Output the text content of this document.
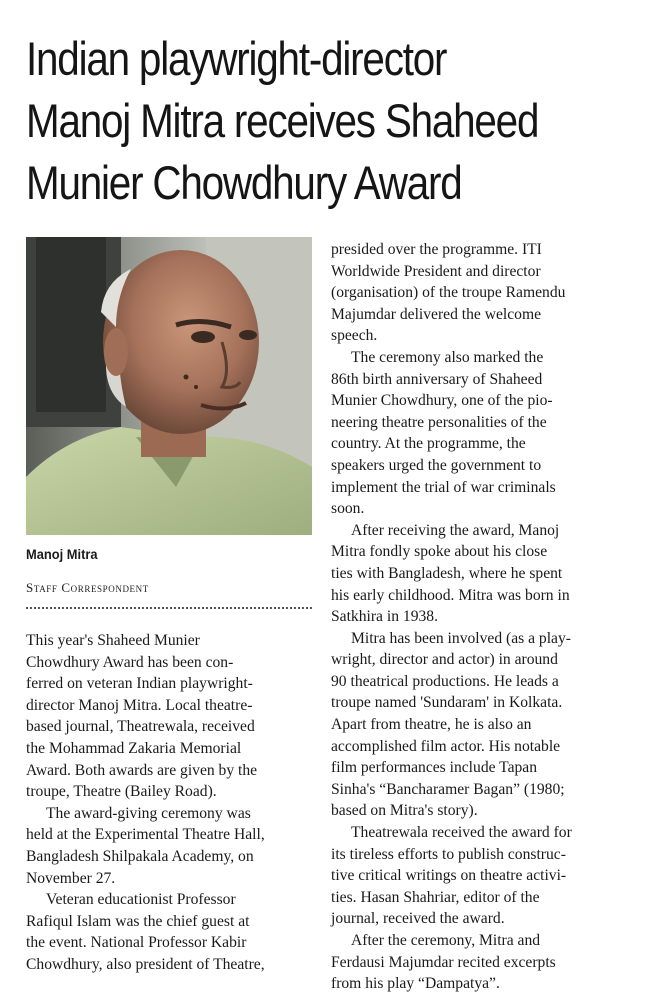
Indian playwright-director
Manoj Mitra receives Shaheed
Munier Chowdhury Award
Manoj Mitra
Staff Correspondent
This year's Shaheed Munier
Chowdhury Award has been con-
ferred on veteran Indian playwright-
director Manoj Mitra. Local theatre-
based journal, Theatrewala, received
the Mohammad Zakaria Memorial
Award. Both awards are given by the
troupe, Theatre (Bailey Road).
The award-giving ceremony was
held at the Experimental Theatre Hall,
Bangladesh Shilpakala Academy, on
November 27.
Veteran educationist Professor
Rafiqul Islam was the chief guest at
the event. National Professor Kabir
Chowdhury, also president of Theatre,
presided over the programme. ITI
Worldwide President and director
(organisation) of the troupe Ramendu
Majumdar delivered the welcome
speech.
The ceremony also marked the
86th birth anniversary of Shaheed
Munier Chowdhury, one of the pio-
neering theatre personalities of the
country. At the programme, the
speakers urged the government to
implement the trial of war criminals
soon.
After receiving the award, Manoj
Mitra fondly spoke about his close
ties with Bangladesh, where he spent
his early childhood. Mitra was born in
Satkhira in 1938.
Mitra has been involved (as a play-
wright, director and actor) in around
90 theatrical productions. He leads a
troupe named 'Sundaram' in Kolkata.
Apart from theatre, he is also an
accomplished film actor. His notable
film performances include Tapan
Sinha's “Bancharamer Bagan” (1980;
based on Mitra's story).
Theatrewala received the award for
its tireless efforts to publish construc-
tive critical writings on theatre activi-
ties. Hasan Shahriar, editor of the
journal, received the award.
After the ceremony, Mitra and
Ferdausi Majumdar recited excerpts
from his play “Dampatya”.
